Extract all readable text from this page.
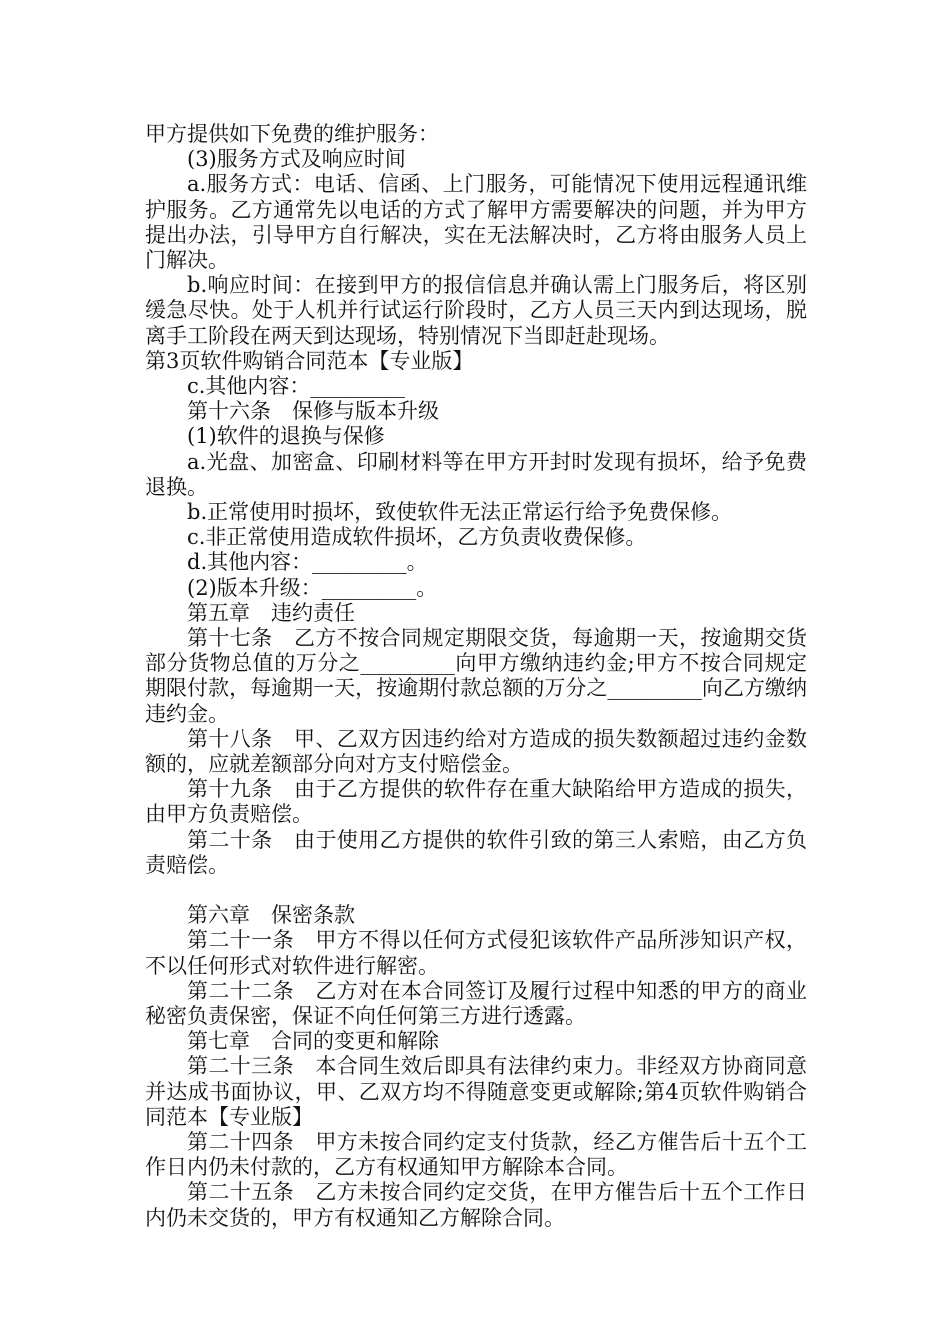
甲方提供如下免费的维护服务：

(3)服务方式及响应时间

a.服务方式：电话、信函、上门服务，可能情况下使用远程通讯维护服务。乙方通常先以电话的方式了解甲方需要解决的问题，并为甲方提出办法，引导甲方自行解决，实在无法解决时，乙方将由服务人员上门解决。

b.响应时间：在接到甲方的报信信息并确认需上门服务后，将区别缓急尽快。处于人机并行试运行阶段时，乙方人员三天内到达现场，脱离手工阶段在两天到达现场，特别情况下当即赶赴现场。

第3页软件购销合同范本【专业版】

c.其他内容：_________

第十六条　保修与版本升级

(1)软件的退换与保修

a.光盘、加密盒、印刷材料等在甲方开封时发现有损坏，给予免费退换。

b.正常使用时损坏，致使软件无法正常运行给予免费保修。

c.非正常使用造成软件损坏，乙方负责收费保修。

d.其他内容：_________。

(2)版本升级：_________。

第五章　违约责任

第十七条　乙方不按合同规定期限交货，每逾期一天，按逾期交货部分货物总值的万分之_________向甲方缴纳违约金;甲方不按合同规定期限付款，每逾期一天，按逾期付款总额的万分之_________向乙方缴纳违约金。

第十八条　甲、乙双方因违约给对方造成的损失数额超过违约金数额的，应就差额部分向对方支付赔偿金。

第十九条　由于乙方提供的软件存在重大缺陷给甲方造成的损失，由甲方负责赔偿。

第二十条　由于使用乙方提供的软件引致的第三人索赔，由乙方负责赔偿。

第六章　保密条款

第二十一条　甲方不得以任何方式侵犯该软件产品所涉知识产权，不以任何形式对软件进行解密。

第二十二条　乙方对在本合同签订及履行过程中知悉的甲方的商业秘密负责保密，保证不向任何第三方进行透露。

第七章　合同的变更和解除

第二十三条　本合同生效后即具有法律约束力。非经双方协商同意并达成书面协议，甲、乙双方均不得随意变更或解除;第4页软件购销合同范本【专业版】

第二十四条　甲方未按合同约定支付货款，经乙方催告后十五个工作日内仍未付款的，乙方有权通知甲方解除本合同。

第二十五条　乙方未按合同约定交货，在甲方催告后十五个工作日内仍未交货的，甲方有权通知乙方解除合同。
